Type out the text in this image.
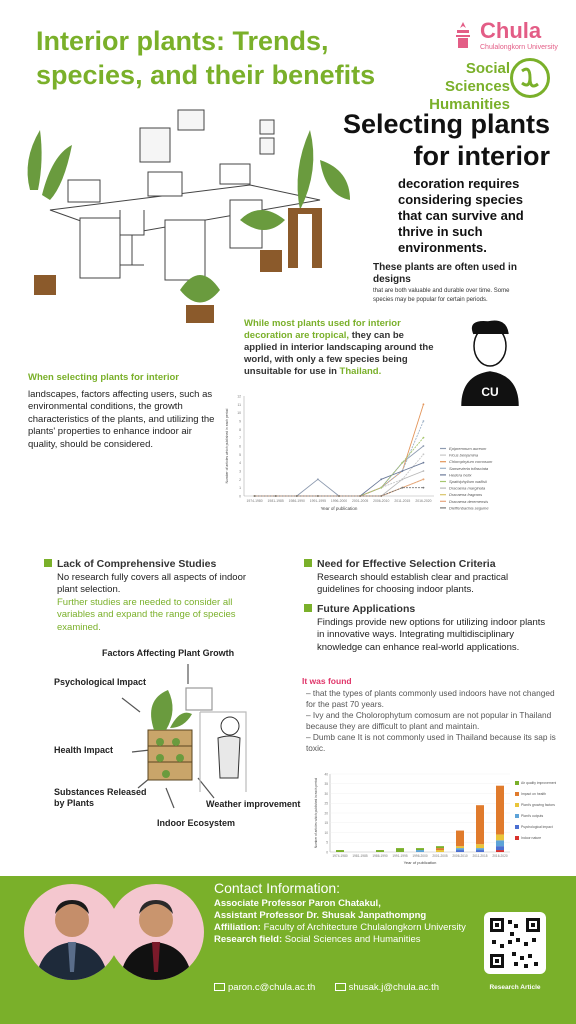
Interior plants: Trends, species, and their benefits
Chula
Chulalongkorn University
Social Sciences
Humanities
Selecting plants for interior
decoration requires considering species that can survive and thrive in such environments.
These plants are often used in designs
that are both valuable and durable over time. Some species may be popular for certain periods.
While most plants used for interior decoration are tropical, they can be applied in interior landscaping around the world, with only a few species being unsuitable for use in Thailand.
CU
When selecting plants for interior
landscapes, factors affecting users, such as environmental conditions, the growth characteristics of the plants, and utilizing the plants' properties to enhance indoor air quality, should be considered.
0
1
2
3
4
5
6
7
8
9
10
11
12
1974-1980 1981-1985 1986-1990 1991-1995 1996-2000 2001-2005 2006-2010 2011-2015 2016-2020
Year of publication
Number of articles which published in each period	Epipremnum aureum
Ficus benjamina
Chlorophytum comosum
Sansevieria trifasciata
Hedera helix
Spathiphyllum wallisii
Dracaena marginata
Dracaena fragrans
Dracaena deremensis
Dieffenbachia seguine
Lack of Comprehensive Studies
No research fully covers all aspects of indoor plant selection.
Further studies are needed to consider all variables and expand the range of species examined.
Need for Effective Selection Criteria
Research should establish clear and practical guidelines for choosing indoor plants.
Future Applications
Findings provide new options for utilizing indoor plants in innovative ways. Integrating multidisciplinary knowledge can enhance real-world applications.
It was found
– that the types of plants commonly used indoors have not changed for the past 70 years.
– Ivy and the Cholorophytum comosum are not popular in Thailand because they are difficult to plant and maintain.
– Dumb cane It is not commonly used in Thailand because its sap is toxic.
Factors Affecting Plant Growth
Psychological Impact
Health Impact
Substances Released by Plants	Weather improvement
Indoor Ecosystem
0
5
10
15
20
25
30
35
40
1974-1980 1981-1985 1986-1990 1991-1995 1996-2000 2001-2005 2006-2010 2011-2015 2016-2020
Year of publication
Number of articles which published in each period	Air quality improvement
Impact on health
Plant's growing factors
Plant's outputs
Psychological impact
Indoor nature
Contact Information:
Associate Professor Paron Chatakul,
Assistant Professor Dr. Shusak Janpathompng
Affiliation: Faculty of Architecture Chulalongkorn University
Research field: Social Sciences and Humanities
paron.c@chula.ac.th	shusak.j@chula.ac.th	Research Article
